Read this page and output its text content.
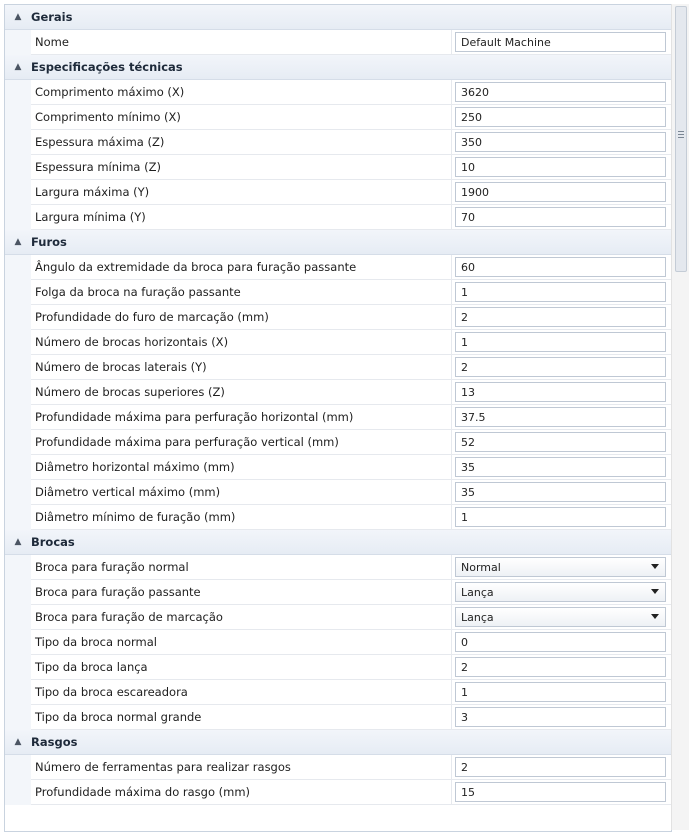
▲ Gerais
Nome	Default Machine
▲ Especificações técnicas
Comprimento máximo (X)	3620
Comprimento mínimo (X)	250
Espessura máxima (Z)	350
Espessura mínima (Z)	10
Largura máxima (Y)	1900
Largura mínima (Y)	70
▲ Furos
Ângulo da extremidade da broca para furação passante	60
Folga da broca na furação passante	1
Profundidade do furo de marcação (mm)	2
Número de brocas horizontais (X)	1
Número de brocas laterais (Y)	2
Número de brocas superiores (Z)	13
Profundidade máxima para perfuração horizontal (mm)	37.5
Profundidade máxima para perfuração vertical (mm)	52
Diâmetro horizontal máximo (mm)	35
Diâmetro vertical máximo (mm)	35
Diâmetro mínimo de furação (mm)	1
▲ Brocas
Broca para furação normal	Normal
Broca para furação passante	Lança
Broca para furação de marcação	Lança
Tipo da broca normal	0
Tipo da broca lança	2
Tipo da broca escareadora	1
Tipo da broca normal grande	3
▲ Rasgos
Número de ferramentas para realizar rasgos	2
Profundidade máxima do rasgo (mm)	15
